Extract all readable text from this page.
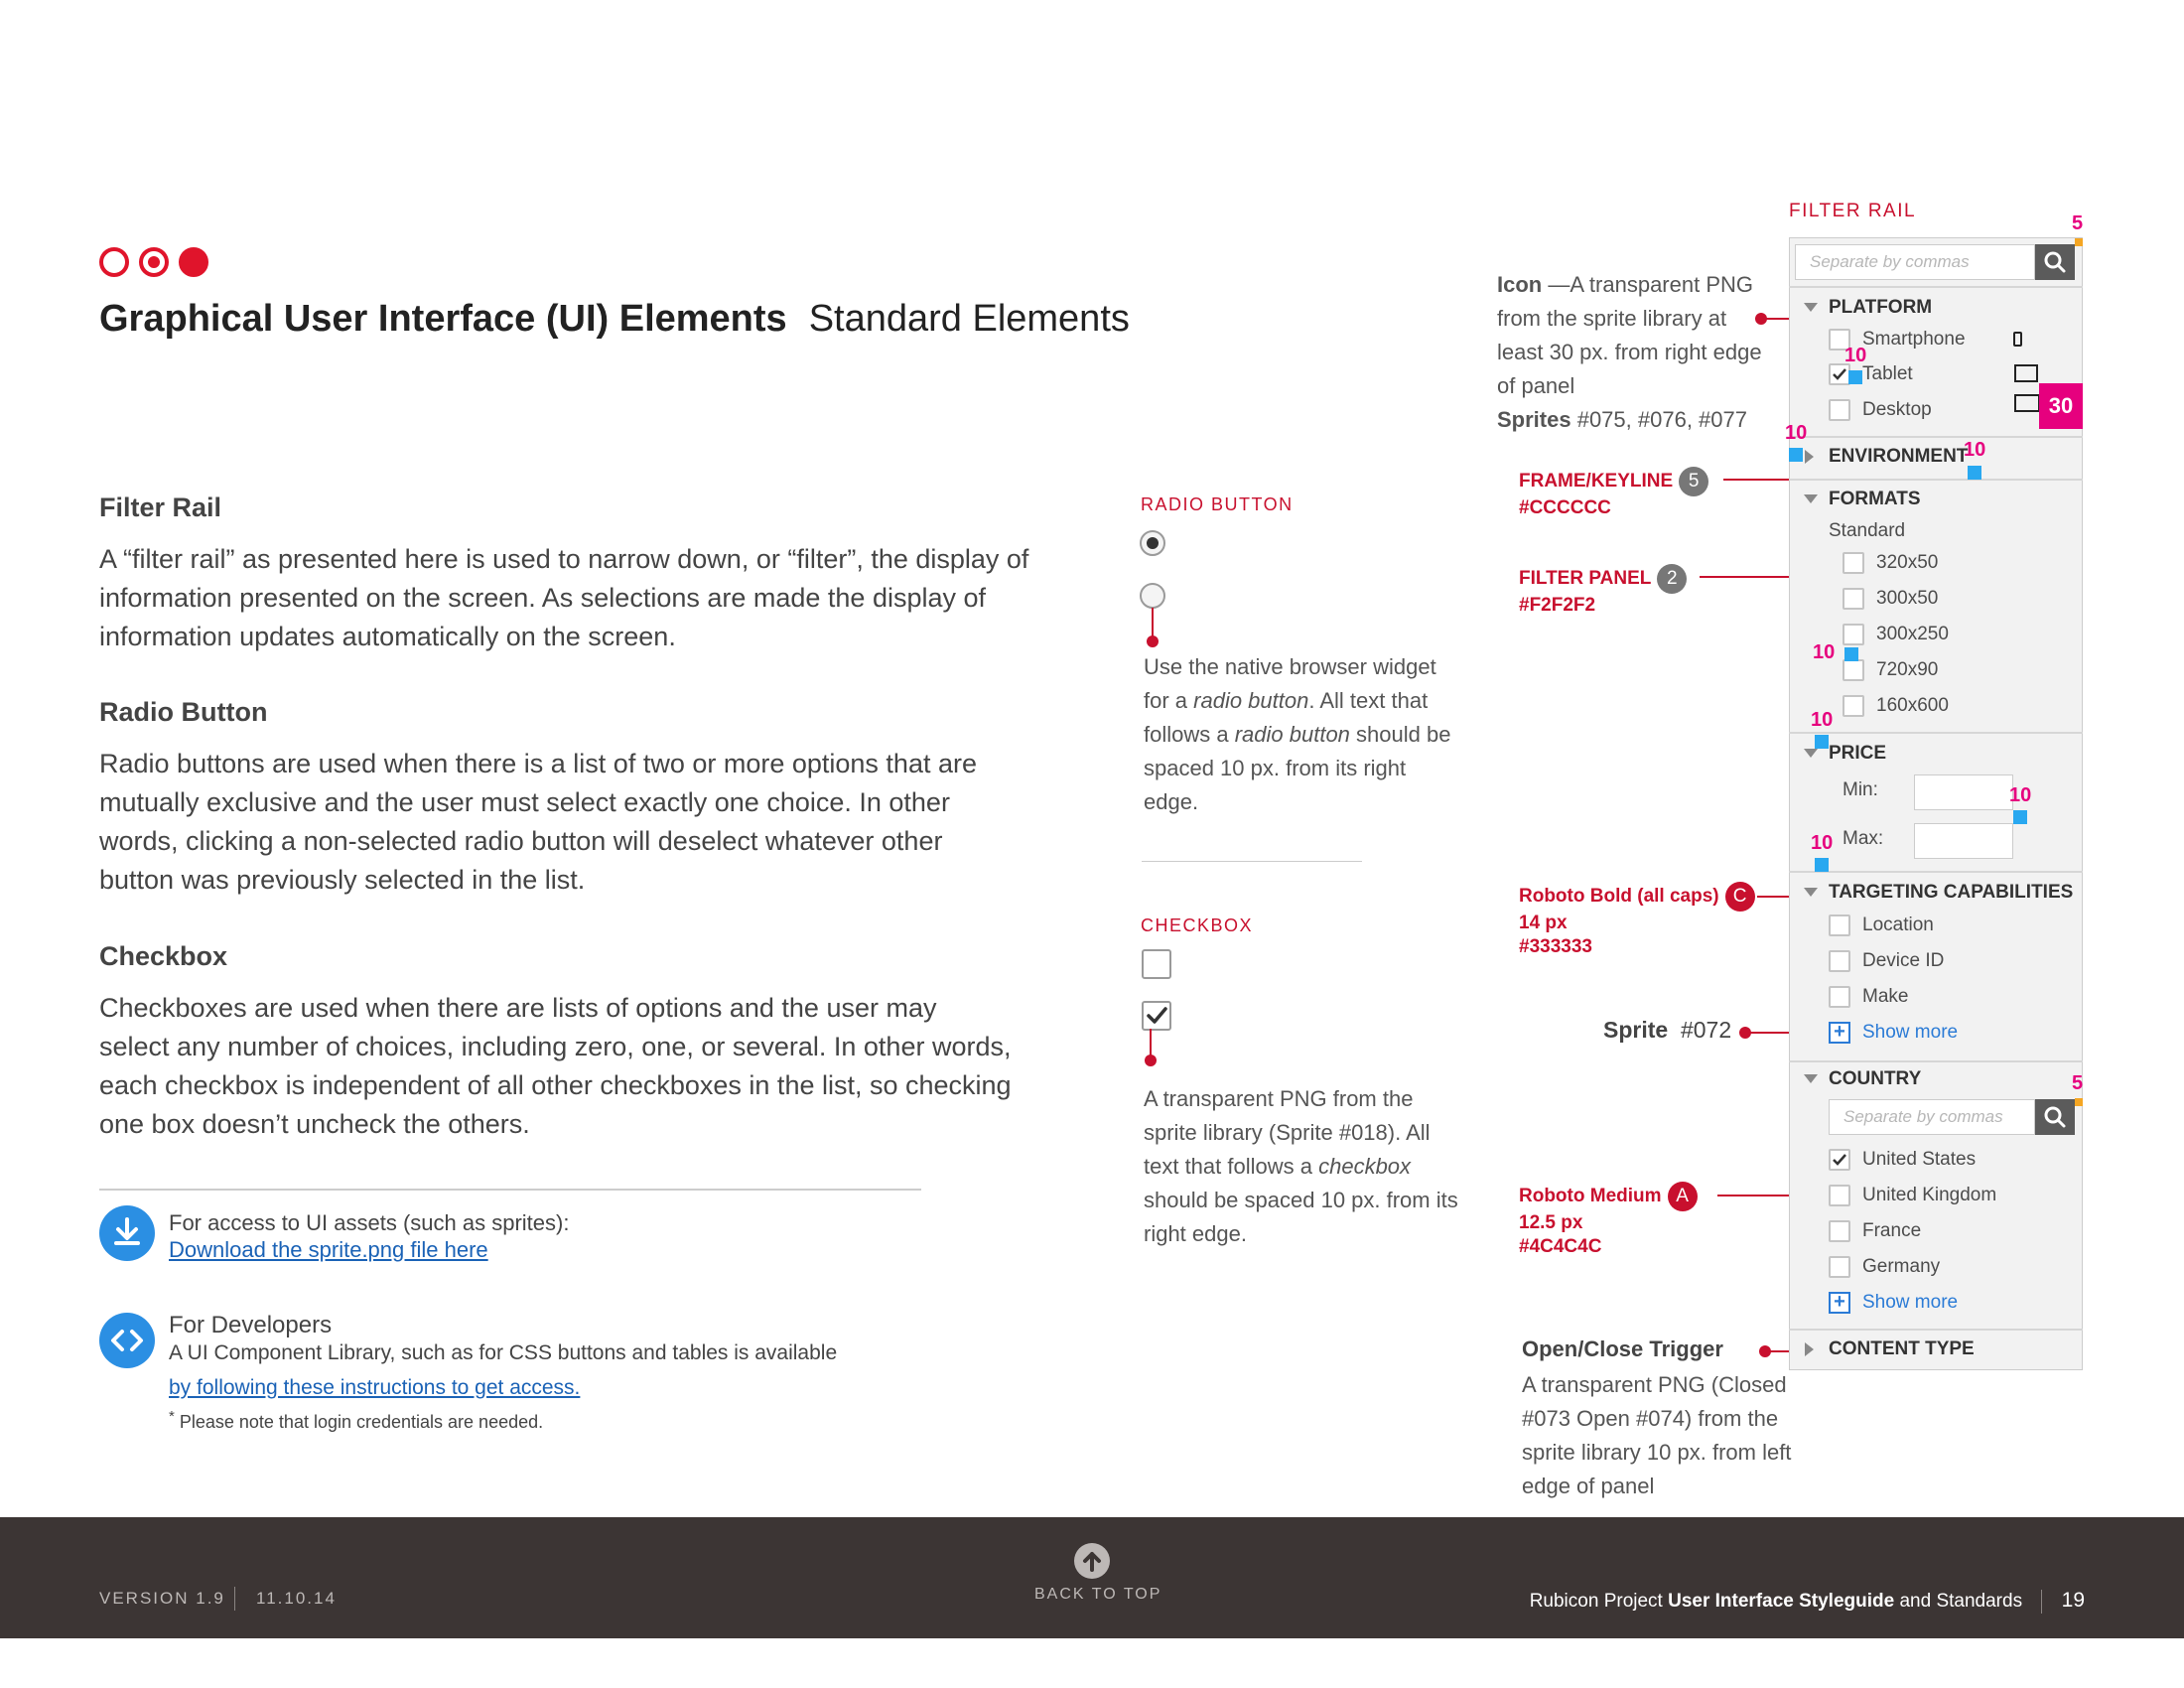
Graphical User Interface (UI) Elements Standard Elements
Filter Rail
A “filter rail” as presented here is used to narrow down, or “filter”, the display of information presented on the screen. As selections are made the display of information updates automatically on the screen.
Radio Button
Radio buttons are used when there is a list of two or more options that are mutually exclusive and the user must select exactly one choice. In other words, clicking a non-selected radio button will deselect whatever other button was previously selected in the list.
Checkbox
Checkboxes are used when there are lists of options and the user may select any number of choices, including zero, one, or several. In other words, each checkbox is independent of all other checkboxes in the list, so checking one box doesn’t uncheck the others.
For access to UI assets (such as sprites):
Download the sprite.png file here
For Developers
A UI Component Library, such as for CSS buttons and tables is available
by following these instructions to get access.
* Please note that login credentials are needed.
RADIO BUTTON
Use the native browser widget for a radio button. All text that follows a radio button should be spaced 10 px. from its right edge.
CHECKBOX
A transparent PNG from the sprite library (Sprite #018). All text that follows a checkbox should be spaced 10 px. from its right edge.
Icon —A transparent PNG from the sprite library at least 30 px. from right edge of panel
Sprites #075, #076, #077
FRAME/KEYLINE 5
#CCCCCC
FILTER PANEL 2
#F2F2F2
Roboto Bold (all caps) C
14 px
#333333
Sprite #072
Roboto Medium A
12.5 px
#4C4C4C
Open/Close Trigger
A transparent PNG (Closed #073 Open #074) from the sprite library 10 px. from left edge of panel
FILTER RAIL
Separate by commas
PLATFORM
Smartphone
Tablet
Desktop
ENVIRONMENT
FORMATS
Standard
320x50
300x50
300x250
720x90
160x600
PRICE
Min:
Max:
TARGETING CAPABILITIES
Location
Device ID
Make
+ Show more
COUNTRY
Separate by commas
United States
United Kingdom
France
Germany
+ Show more
CONTENT TYPE
5
10
30
10
10
10
10
10
10
5
VERSION 1.9 11.10.14	BACK TO TOP	Rubicon Project User Interface Styleguide and Standards 19
